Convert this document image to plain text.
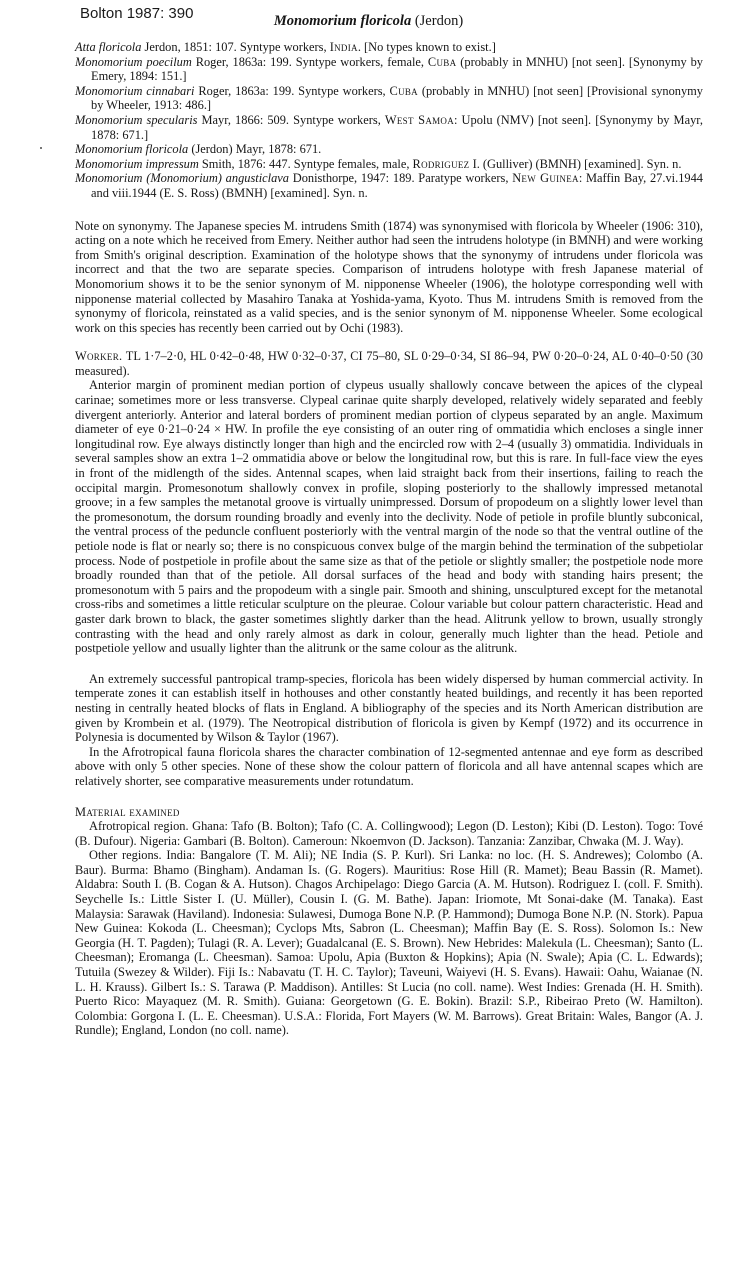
Bolton 1987: 390	Monomorium floricola (Jerdon)

Atta floricola Jerdon, 1851: 107. Syntype workers, India. [No types known to exist.]

Monomorium poecilum Roger, 1863a: 199. Syntype workers, female, Cuba (probably in MNHU) [not seen]. [Synonymy by Emery, 1894: 151.]

Monomorium cinnabari Roger, 1863a: 199. Syntype workers, Cuba (probably in MNHU) [not seen] [Provisional synonymy by Wheeler, 1913: 486.]

Monomorium specularis Mayr, 1866: 509. Syntype workers, West Samoa: Upolu (NMV) [not seen]. [Synonymy by Mayr, 1878: 671.]

Monomorium floricola (Jerdon) Mayr, 1878: 671.

Monomorium impressum Smith, 1876: 447. Syntype females, male, Rodriguez I. (Gulliver) (BMNH) [examined]. Syn. n.

Monomorium (Monomorium) angusticlava Donisthorpe, 1947: 189. Paratype workers, New Guinea: Maffin Bay, 27.vi.1944 and viii.1944 (E. S. Ross) (BMNH) [examined]. Syn. n.

Note on synonymy. The Japanese species M. intrudens Smith (1874) was synonymised with floricola by Wheeler (1906: 310), acting on a note which he received from Emery. Neither author had seen the intrudens holotype (in BMNH) and were working from Smith's original description. Examination of the holotype shows that the synonymy of intrudens under floricola was incorrect and that the two are separate species. Comparison of intrudens holotype with fresh Japanese material of Monomorium shows it to be the senior synonym of M. nipponense Wheeler (1906), the holotype corresponding well with nipponense material collected by Masahiro Tanaka at Yoshida-yama, Kyoto. Thus M. intrudens Smith is removed from the synonymy of floricola, reinstated as a valid species, and is the senior synonym of M. nipponense Wheeler. Some ecological work on this species has recently been carried out by Ochi (1983).

Worker. TL 1·7–2·0, HL 0·42–0·48, HW 0·32–0·37, CI 75–80, SL 0·29–0·34, SI 86–94, PW 0·20–0·24, AL 0·40–0·50 (30 measured).

Anterior margin of prominent median portion of clypeus usually shallowly concave between the apices of the clypeal carinae; sometimes more or less transverse. Clypeal carinae quite sharply developed, relatively widely separated and feebly divergent anteriorly. Anterior and lateral borders of prominent median portion of clypeus separated by an angle. Maximum diameter of eye 0·21–0·24 × HW. In profile the eye consisting of an outer ring of ommatidia which encloses a single inner longitudinal row. Eye always distinctly longer than high and the encircled row with 2–4 (usually 3) ommatidia. Individuals in several samples show an extra 1–2 ommatidia above or below the longitudinal row, but this is rare. In full-face view the eyes in front of the midlength of the sides. Antennal scapes, when laid straight back from their insertions, failing to reach the occipital margin. Promesonotum shallowly convex in profile, sloping posteriorly to the shallowly impressed metanotal groove; in a few samples the metanotal groove is virtually unimpressed. Dorsum of propodeum on a slightly lower level than the promesonotum, the dorsum rounding broadly and evenly into the declivity. Node of petiole in profile bluntly subconical, the ventral process of the peduncle confluent posteriorly with the ventral margin of the node so that the ventral outline of the petiole node is flat or nearly so; there is no conspicuous convex bulge of the margin behind the termination of the subpetiolar process. Node of postpetiole in profile about the same size as that of the petiole or slightly smaller; the postpetiole node more broadly rounded than that of the petiole. All dorsal surfaces of the head and body with standing hairs present; the promesonotum with 5 pairs and the propodeum with a single pair. Smooth and shining, unsculptured except for the metanotal cross-ribs and sometimes a little reticular sculpture on the pleurae. Colour variable but colour pattern characteristic. Head and gaster dark brown to black, the gaster sometimes slightly darker than the head. Alitrunk yellow to brown, usually strongly contrasting with the head and only rarely almost as dark in colour, generally much lighter than the head. Petiole and postpetiole yellow and usually lighter than the alitrunk or the same colour as the alitrunk.

An extremely successful pantropical tramp-species, floricola has been widely dispersed by human commercial activity. In temperate zones it can establish itself in hothouses and other constantly heated buildings, and recently it has been reported nesting in centrally heated blocks of flats in England. A bibliography of the species and its North American distribution are given by Krombein et al. (1979). The Neotropical distribution of floricola is given by Kempf (1972) and its occurrence in Polynesia is documented by Wilson & Taylor (1967).

In the Afrotropical fauna floricola shares the character combination of 12-segmented antennae and eye form as described above with only 5 other species. None of these show the colour pattern of floricola and all have antennal scapes which are relatively shorter, see comparative measurements under rotundatum.

Material examined

Afrotropical region. Ghana: Tafo (B. Bolton); Tafo (C. A. Collingwood); Legon (D. Leston); Kibi (D. Leston). Togo: Tové (B. Dufour). Nigeria: Gambari (B. Bolton). Cameroun: Nkoemvon (D. Jackson). Tanzania: Zanzibar, Chwaka (M. J. Way).

Other regions. India: Bangalore (T. M. Ali); NE India (S. P. Kurl). Sri Lanka: no loc. (H. S. Andrewes); Colombo (A. Baur). Burma: Bhamo (Bingham). Andaman Is. (G. Rogers). Mauritius: Rose Hill (R. Mamet); Beau Bassin (R. Mamet). Aldabra: South I. (B. Cogan & A. Hutson). Chagos Archipelago: Diego Garcia (A. M. Hutson). Rodriguez I. (coll. F. Smith). Seychelle Is.: Little Sister I. (U. Müller), Cousin I. (G. M. Bathe). Japan: Iriomote, Mt Sonai-dake (M. Tanaka). East Malaysia: Sarawak (Haviland). Indonesia: Sulawesi, Dumoga Bone N.P. (P. Hammond); Dumoga Bone N.P. (N. Stork). Papua New Guinea: Kokoda (L. Cheesman); Cyclops Mts, Sabron (L. Cheesman); Maffin Bay (E. S. Ross). Solomon Is.: New Georgia (H. T. Pagden); Tulagi (R. A. Lever); Guadalcanal (E. S. Brown). New Hebrides: Malekula (L. Cheesman); Santo (L. Cheesman); Eromanga (L. Cheesman). Samoa: Upolu, Apia (Buxton & Hopkins); Apia (N. Swale); Apia (C. L. Edwards); Tutuila (Swezey & Wilder). Fiji Is.: Nabavatu (T. H. C. Taylor); Taveuni, Waiyevi (H. S. Evans). Hawaii: Oahu, Waianae (N. L. H. Krauss). Gilbert Is.: S. Tarawa (P. Maddison). Antilles: St Lucia (no coll. name). West Indies: Grenada (H. H. Smith). Puerto Rico: Mayaquez (M. R. Smith). Guiana: Georgetown (G. E. Bokin). Brazil: S.P., Ribeirao Preto (W. Hamilton). Colombia: Gorgona I. (L. E. Cheesman). U.S.A.: Florida, Fort Mayers (W. M. Barrows). Great Britain: Wales, Bangor (A. J. Rundle); England, London (no coll. name).
